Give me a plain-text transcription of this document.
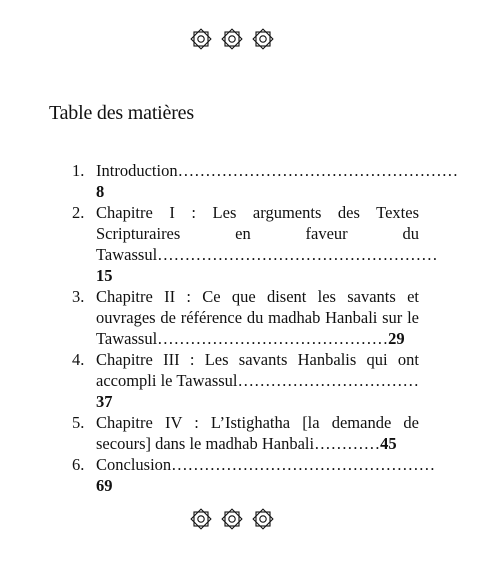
Table des matières
1. Introduction……………………………………………8
2. Chapitre I : Les arguments des Textes Scripturaires en faveur du Tawassul……………………………………………15
3. Chapitre II : Ce que disent les savants et ouvrages de référence du madhab Hanbali sur le Tawassul……………………………………29
4. Chapitre III : Les savants Hanbalis qui ont accompli le Tawassul……………………………37
5. Chapitre IV : L’Istighatha [la demande de secours] dans le madhab Hanbali…………45
6. Conclusion…………………………………………69
